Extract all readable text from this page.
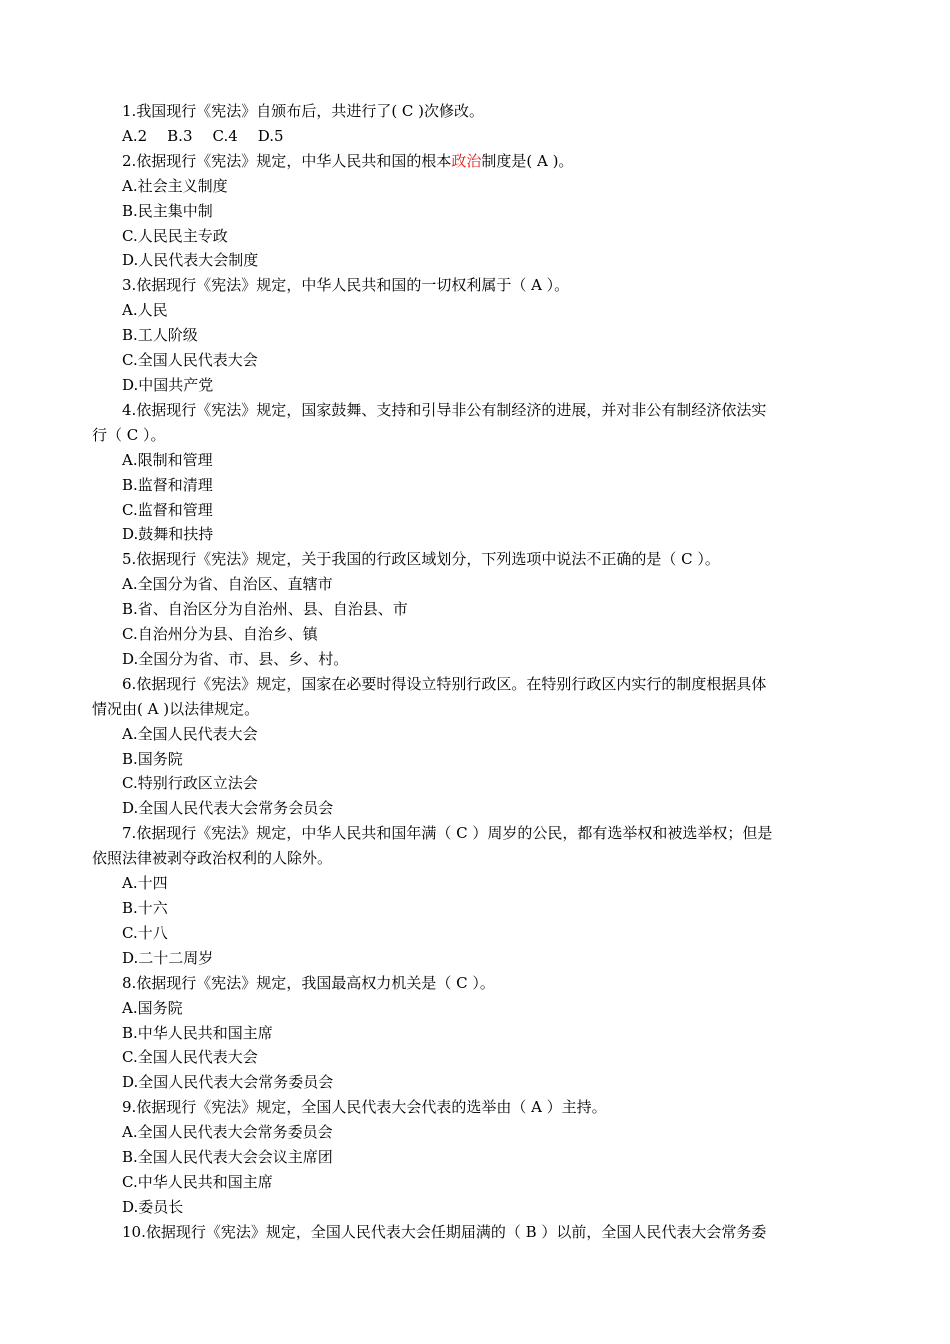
1.我国现行《宪法》自颁布后，共进行了( C )次修改。
A.2 B.3 C.4 D.5
2.依据现行《宪法》规定，中华人民共和国的根本政治制度是( A )。
A.社会主义制度
B.民主集中制
C.人民民主专政
D.人民代表大会制度
3.依据现行《宪法》规定，中华人民共和国的一切权利属于（ A ）。
A.人民
B.工人阶级
C.全国人民代表大会
D.中国共产党
4.依据现行《宪法》规定，国家鼓舞、支持和引导非公有制经济的进展，并对非公有制经济依法实
行（ C ）。
A.限制和管理
B.监督和清理
C.监督和管理
D.鼓舞和扶持
5.依据现行《宪法》规定，关于我国的行政区域划分，下列选项中说法不正确的是（ C ）。
A.全国分为省、自治区、直辖市
B.省、自治区分为自治州、县、自治县、市
C.自治州分为县、自治乡、镇
D.全国分为省、市、县、乡、村。
6.依据现行《宪法》规定，国家在必要时得设立特别行政区。在特别行政区内实行的制度根据具体
情况由( A )以法律规定。
A.全国人民代表大会
B.国务院
C.特别行政区立法会
D.全国人民代表大会常务会员会
7.依据现行《宪法》规定，中华人民共和国年满（ C ）周岁的公民，都有选举权和被选举权；但是
依照法律被剥夺政治权利的人除外。
A.十四
B.十六
C.十八
D.二十二周岁
8.依据现行《宪法》规定，我国最高权力机关是（ C ）。
A.国务院
B.中华人民共和国主席
C.全国人民代表大会
D.全国人民代表大会常务委员会
9.依据现行《宪法》规定，全国人民代表大会代表的选举由（ A ）主持。
A.全国人民代表大会常务委员会
B.全国人民代表大会会议主席团
C.中华人民共和国主席
D.委员长
10.依据现行《宪法》规定，全国人民代表大会任期届满的（ B ）以前，全国人民代表大会常务委
